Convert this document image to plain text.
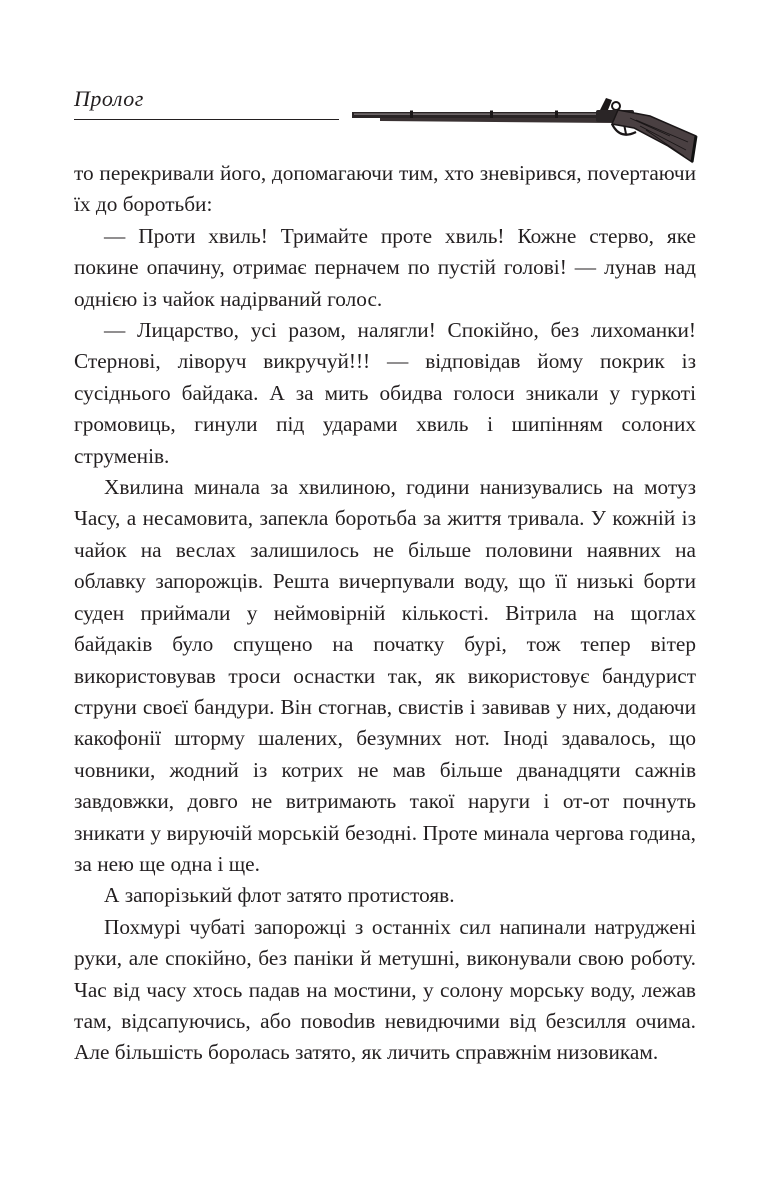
Пролог

то перекривали його, допомагаючи тим, хто зневірився, поvертаючи їх до боротьби:

— Проти хвиль! Тримайте проте хвиль! Кожне стерво, яке покине опачину, отримає перначем по пустій голові! — лунав над однією із чайок надірваний голос.

— Лицарство, усі разом, налягли! Спокійно, без лихоманки! Стернові, ліворуч викручуй!!! — відповідав йому покрик із сусіднього байдака. А за мить обидва голоси зникали у гуркоті громовиць, гинули під ударами хвиль і шипінням солоних струменів.

Хвилина минала за хвилиною, години нанизувались на мотуз Часу, а несамовита, запекла боротьба за життя тривала. У кожній із чайок на веслах залишилось не більше половини наявних на облавку запорожців. Решта вичерпували воду, що її низькі борти суден приймали у неймовірній кількості. Вітрила на щоглах байдаків було спущено на початку бурі, тож тепер вітер використовував троси оснастки так, як використовує бандурист струни своєї бандури. Він стогнав, свистів і завивав у них, додаючи какофонії шторму шалених, безумних нот. Іноді здавалось, що човники, жодний із котрих не мав більше дванадцяти сажнів завдовжки, довго не витримають такої наруги і от-от почнуть зникати у вируючій морській безодні. Проте минала чергова година, за нею ще одна і ще.

А запорізький флот затято протистояв.

Похмурі чубаті запорожці з останніх сил напинали натруджені руки, але спокійно, без паніки й метушні, виконували свою роботу. Час від часу хтось падав на мостини, у солону морську воду, лежав там, відсапуючись, або повоdив невидючими від безсилля очима. Але більшість боролась затято, як личить справжнім низовикам.
